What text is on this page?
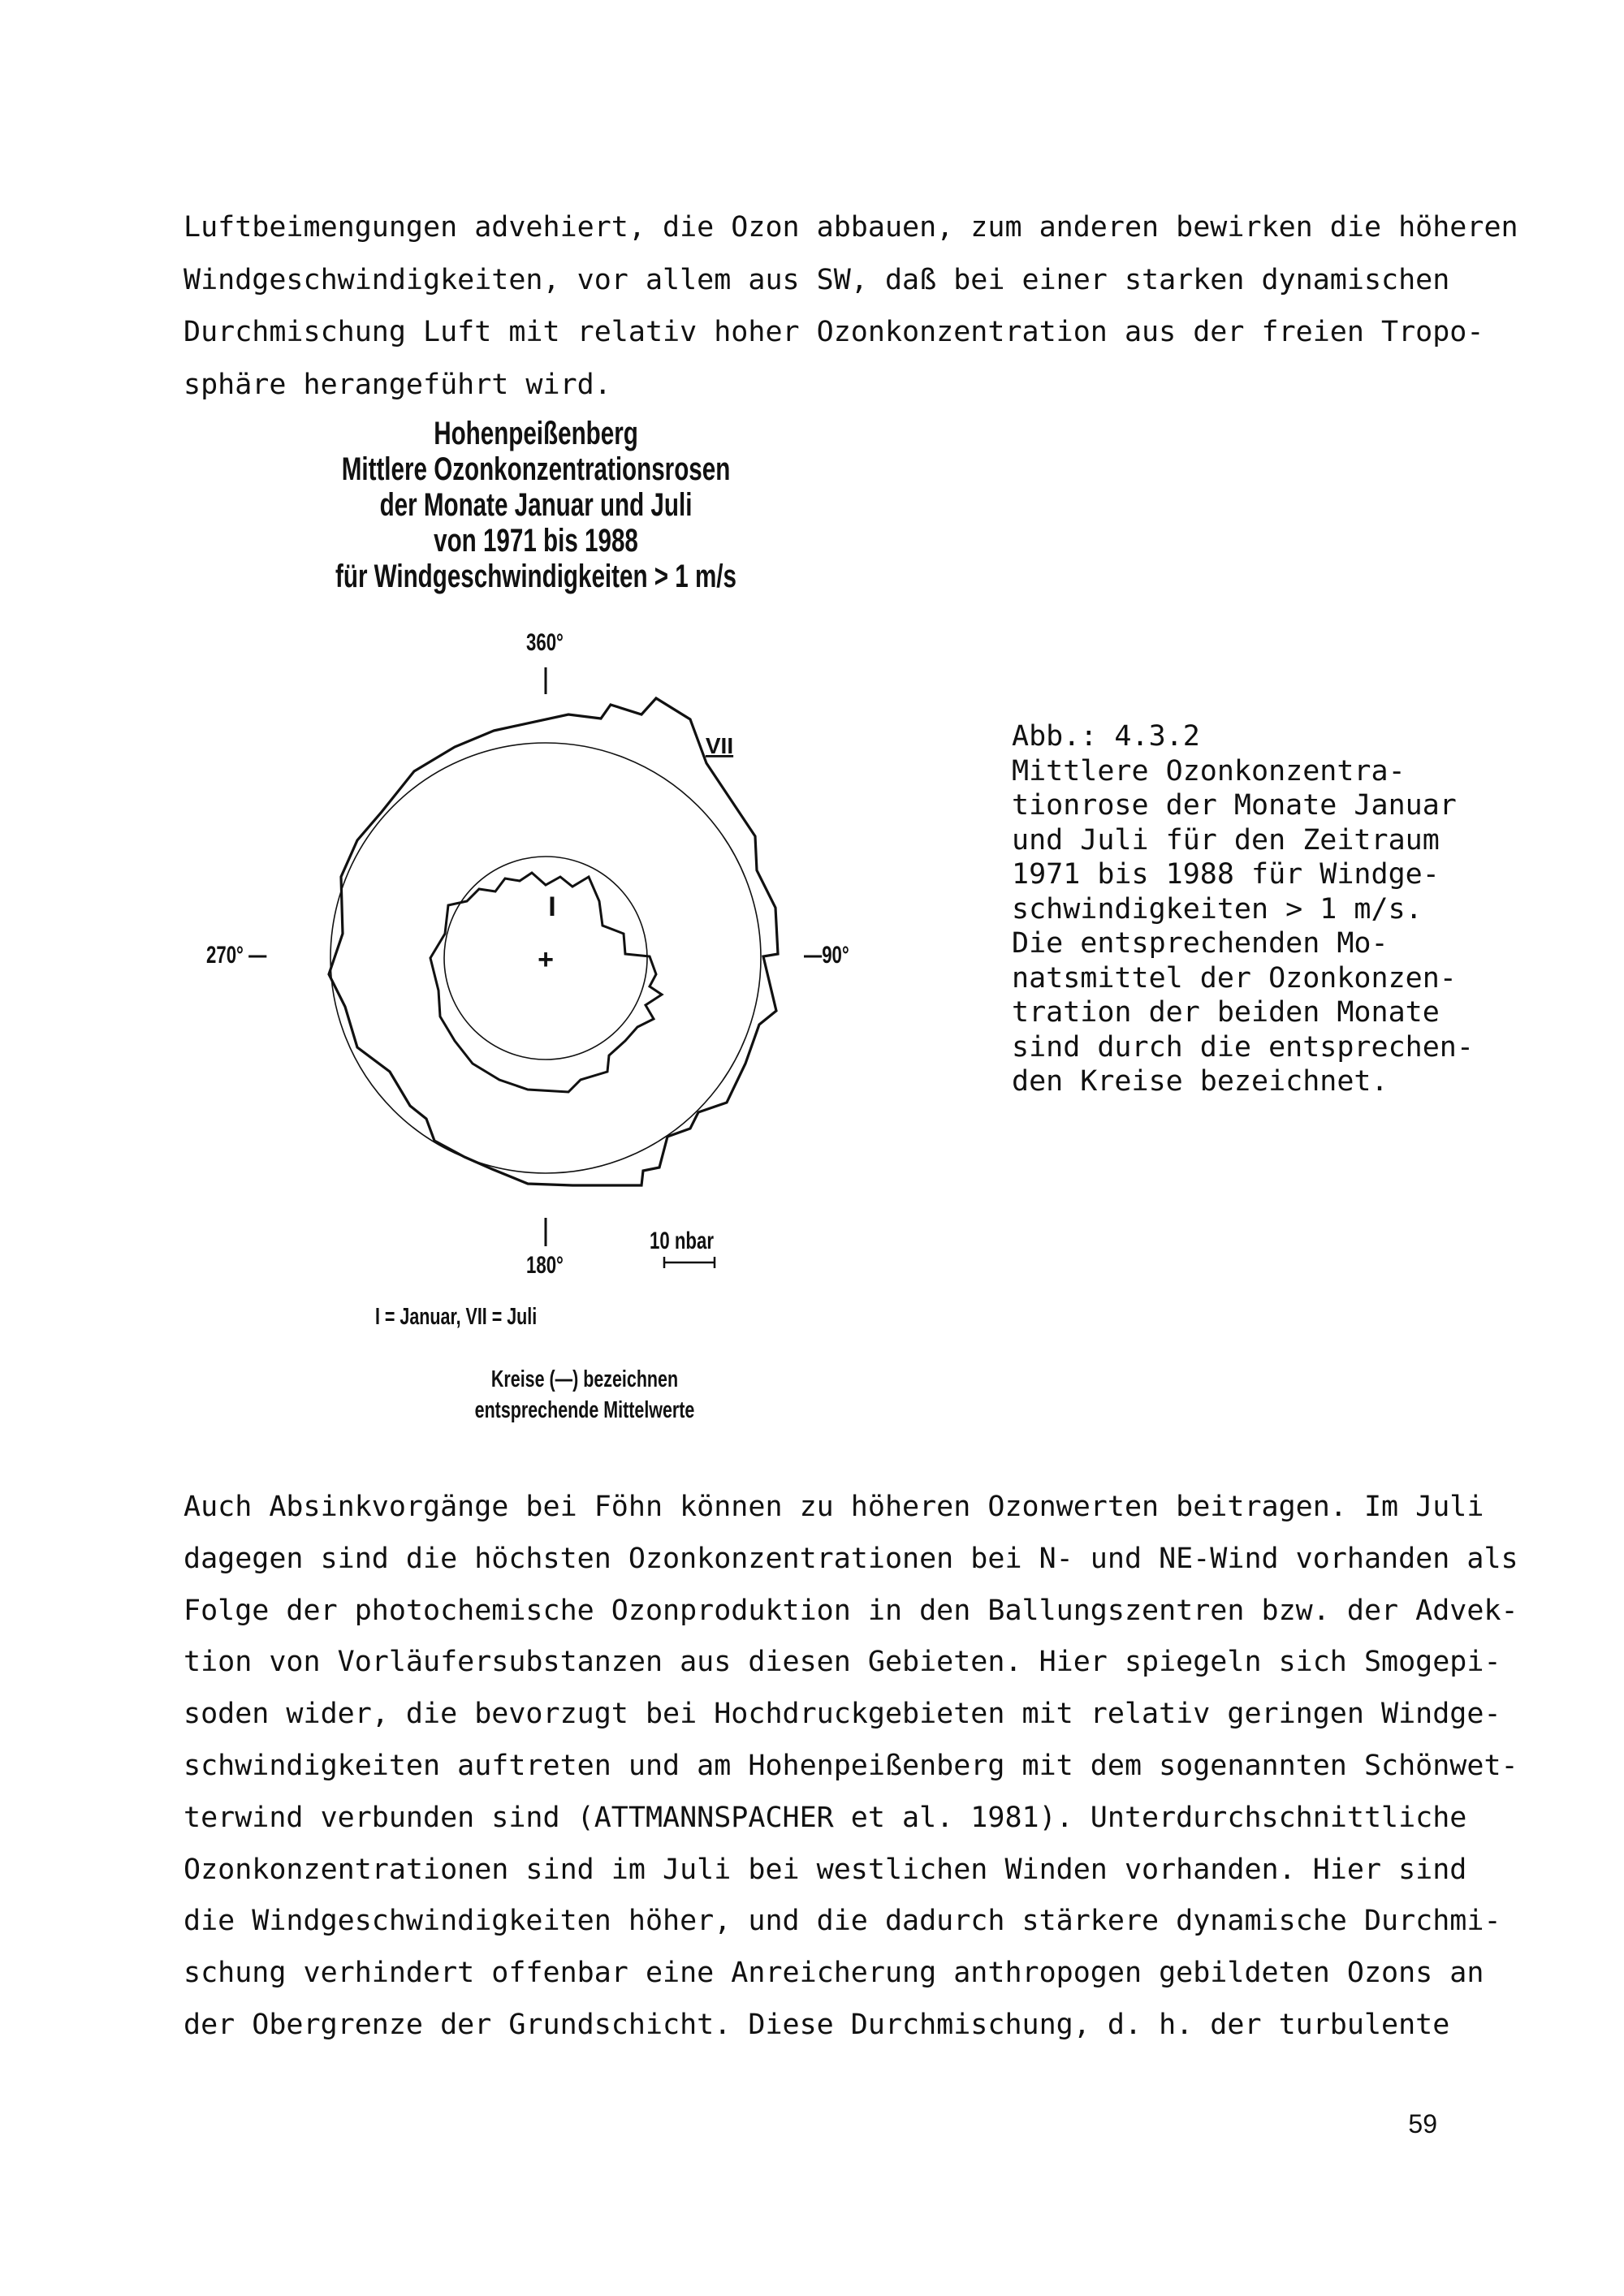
Luftbeimengungen advehiert, die Ozon abbauen, zum anderen bewirken die höheren
Windgeschwindigkeiten, vor allem aus SW, daß bei einer starken dynamischen
Durchmischung Luft mit relativ hoher Ozonkonzentration aus der freien Tropo-
sphäre herangeführt wird.
Hohenpeißenberg
Mittlere Ozonkonzentrationsrosen
der Monate Januar und Juli
von 1971 bis 1988
für Windgeschwindigkeiten > 1 m/s
360°
270° —	—90°
180°
10 nbar
+
I
VII	Abb.: 4.3.2
Mittlere Ozonkonzentra-
tionrose der Monate Januar
und Juli für den Zeitraum
1971 bis 1988 für Windge-
schwindigkeiten > 1 m/s.
Die entsprechenden Mo-
natsmittel der Ozonkonzen-
tration der beiden Monate
sind durch die entsprechen-
den Kreise bezeichnet.
I = Januar, VII = Juli
Kreise (—) bezeichnen
entsprechende Mittelwerte
Auch Absinkvorgänge bei Föhn können zu höheren Ozonwerten beitragen. Im Juli
dagegen sind die höchsten Ozonkonzentrationen bei N- und NE-Wind vorhanden als
Folge der photochemische Ozonproduktion in den Ballungszentren bzw. der Advek-
tion von Vorläufersubstanzen aus diesen Gebieten. Hier spiegeln sich Smogepi-
soden wider, die bevorzugt bei Hochdruckgebieten mit relativ geringen Windge-
schwindigkeiten auftreten und am Hohenpeißenberg mit dem sogenannten Schönwet-
terwind verbunden sind (ATTMANNSPACHER et al. 1981). Unterdurchschnittliche
Ozonkonzentrationen sind im Juli bei westlichen Winden vorhanden. Hier sind
die Windgeschwindigkeiten höher, und die dadurch stärkere dynamische Durchmi-
schung verhindert offenbar eine Anreicherung anthropogen gebildeten Ozons an
der Obergrenze der Grundschicht. Diese Durchmischung, d. h. der turbulente
59
